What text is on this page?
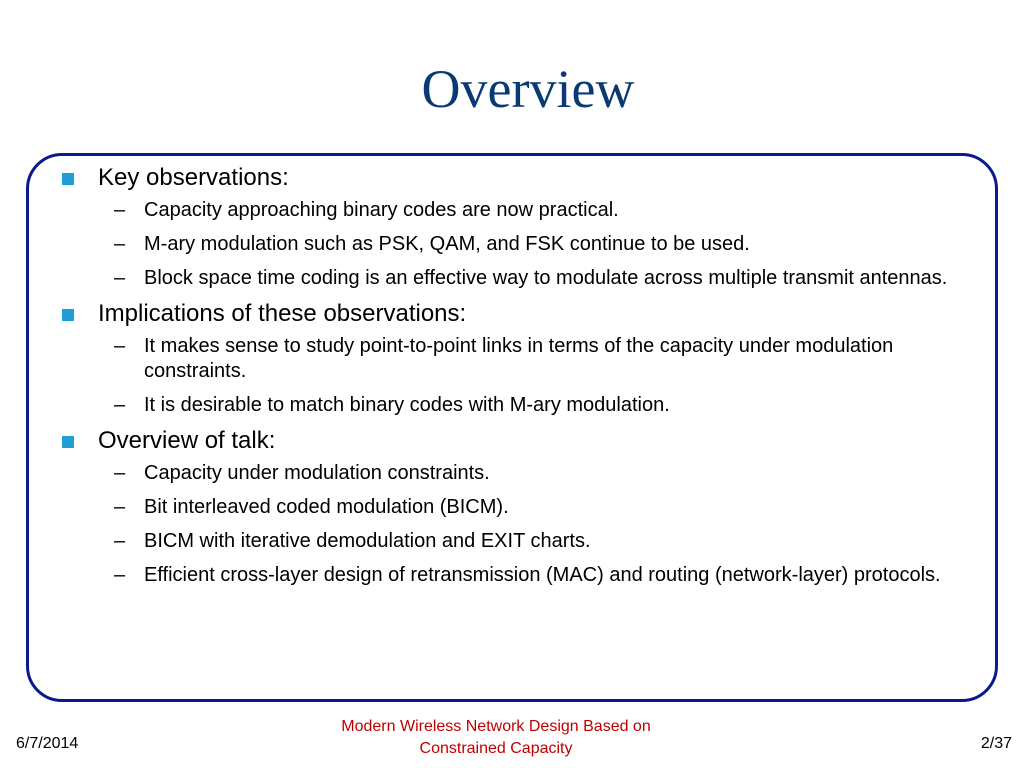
Overview
Key observations:
– Capacity approaching binary codes are now practical.
– M-ary modulation such as PSK, QAM, and FSK continue to be used.
– Block space time coding is an effective way to modulate across multiple transmit antennas.
Implications of these observations:
– It makes sense to study point-to-point links in terms of the capacity under modulation constraints.
– It is desirable to match binary codes with M-ary modulation.
Overview of talk:
– Capacity under modulation constraints.
– Bit interleaved coded modulation (BICM).
– BICM with iterative demodulation and EXIT charts.
– Efficient cross-layer design of retransmission (MAC) and routing (network-layer) protocols.
6/7/2014
Modern Wireless Network Design Based on
Constrained Capacity	2/37
